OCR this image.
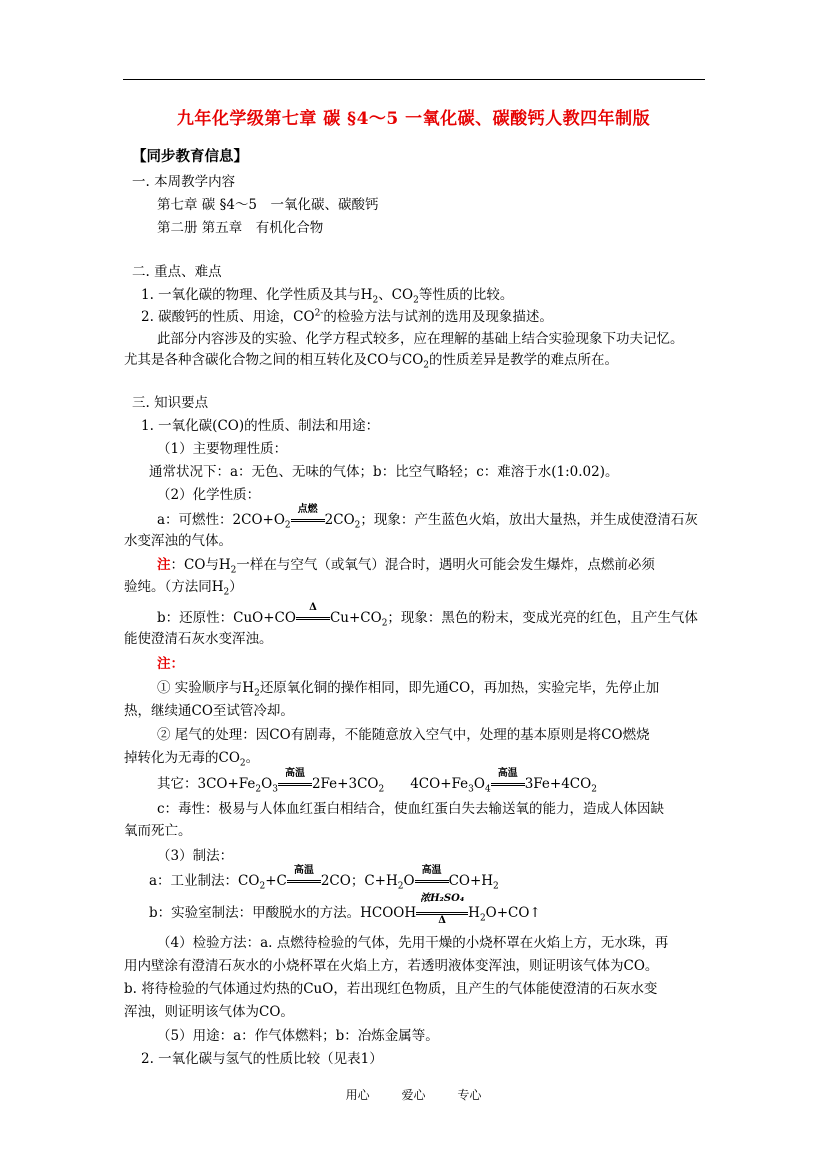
九年化学级第七章 碳 §4～5 一氧化碳、碳酸钙人教四年制版
【同步教育信息】
一. 本周教学内容
第七章 碳 §4～5　一氧化碳、碳酸钙
第二册 第五章　有机化合物
二. 重点、难点
1. 一氧化碳的物理、化学性质及其与$H_2$、$CO_2$等性质的比较。
2. 碳酸钙的性质、用途，$CO^{2-}$的检验方法与试剂的选用及现象描述。
此部分内容涉及的实验、化学方程式较多，应在理解的基础上结合实验现象下功夫记忆。
尤其是各种含碳化合物之间的相互转化及CO与$CO_2$的性质差异是教学的难点所在。
三. 知识要点
1. 一氧化碳(CO)的性质、制法和用途：
（1）主要物理性质：
通常状况下：a：无色、无味的气体；b：比空气略轻；c：难溶于水(1:0.02)。
（2）化学性质：
a：可燃性：$2CO+O_2$
点燃
$2CO_2$；现象：产生蓝色火焰，放出大量热，并生成使澄清石灰
水变浑浊的气体。
注：CO与$H_2$一样在与空气（或氧气）混合时，遇明火可能会发生爆炸，点燃前必须
验纯。（方法同$H_2$）
b：还原性：CuO+CO
Δ
$Cu+CO_2$；现象：黑色的粉末，变成光亮的红色，且产生气体
能使澄清石灰水变浑浊。
注：
① 实验顺序与$H_2$还原氧化铜的操作相同，即先通CO，再加热，实验完毕，先停止加
热，继续通CO至试管冷却。
② 尾气的处理：因CO有剧毒，不能随意放入空气中，处理的基本原则是将CO燃烧
掉转化为无毒的$CO_2$。
其它：$3CO+Fe_2O_3$
高温
$2Fe+3CO_2$ $4CO+Fe_3O_4$
高温
$3Fe+4CO_2$
c：毒性：极易与人体血红蛋白相结合，使血红蛋白失去输送氧的能力，造成人体因缺
氧而死亡。
（3）制法：
a：工业制法：$CO_2+C$
高温
2CO；$C+H_2O$
高温
$CO+H_2$
b：实验室制法：甲酸脱水的方法。HCOOH
浓H₂SO₄
Δ	$H_2O+CO↑$
（4）检验方法：a. 点燃待检验的气体，先用干燥的小烧杯罩在火焰上方，无水珠，再
用内壁涂有澄清石灰水的小烧杯罩在火焰上方，若透明液体变浑浊，则证明该气体为CO。
b. 将待检验的气体通过灼热的CuO，若出现红色物质，且产生的气体能使澄清的石灰水变
浑浊，则证明该气体为CO。
（5）用途：a：作气体燃料；b：冶炼金属等。
2. 一氧化碳与氢气的性质比较（见表1）
用心	爱心	专心
